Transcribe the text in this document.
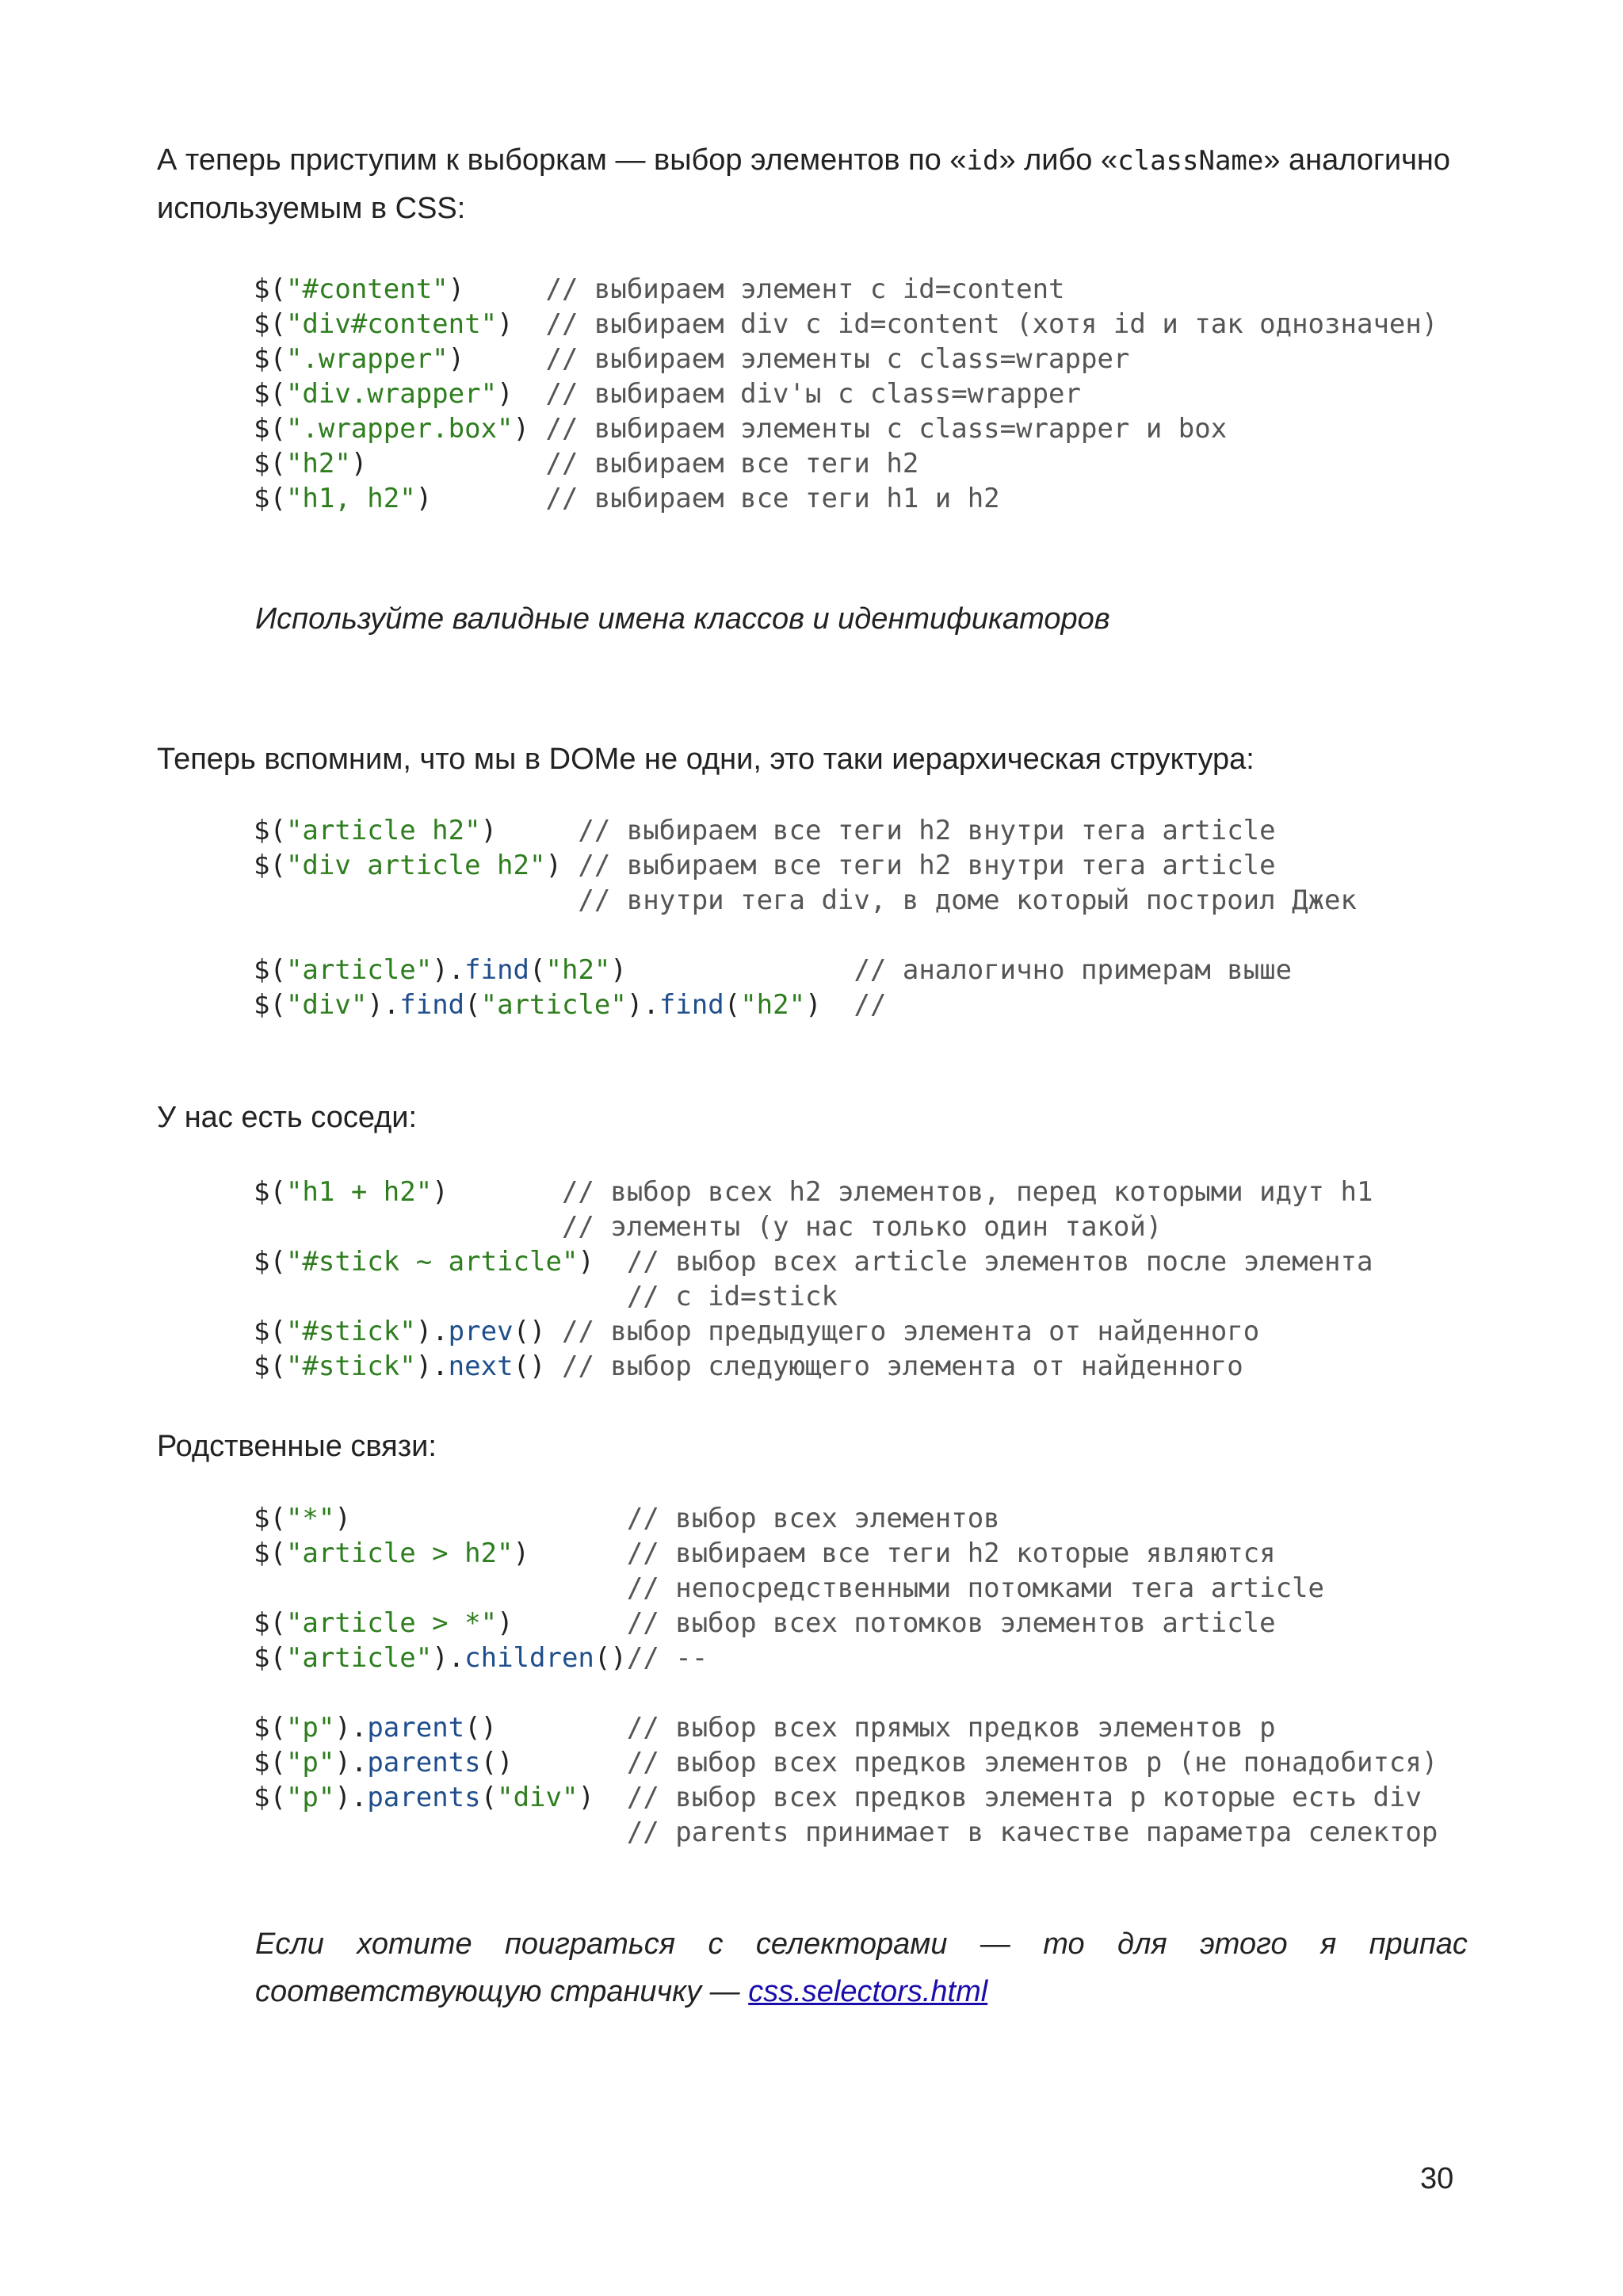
А теперь приступим к выборкам — выбор элементов по «id» либо «className» аналогично
используемым в CSS:
$("#content")     // выбираем элемент с id=content
$("div#content")  // выбираем div с id=content (хотя id и так однозначен)
$(".wrapper")     // выбираем элементы с class=wrapper
$("div.wrapper")  // выбираем div'ы с class=wrapper
$(".wrapper.box") // выбираем элементы с class=wrapper и box
$("h2")           // выбираем все теги h2
$("h1, h2")       // выбираем все теги h1 и h2
Используйте валидные имена классов и идентификаторов
Теперь вспомним, что мы в DOMе не одни, это таки иерархическая структура:
$("article h2")     // выбираем все теги h2 внутри тега article
$("div article h2") // выбираем все теги h2 внутри тега article
// внутри тега div, в доме который построил Джек
$("article").find("h2")              // аналогично примерам выше
$("div").find("article").find("h2")  //
У нас есть соседи:
$("h1 + h2")       // выбор всех h2 элементов, перед которыми идут h1
// элементы (у нас только один такой)
$("#stick ~ article")  // выбор всех article элементов после элемента
// с id=stick
$("#stick").prev() // выбор предыдущего элемента от найденного
$("#stick").next() // выбор следующего элемента от найденного
Родственные связи:
$("*")                 // выбор всех элементов
$("article > h2")      // выбираем все теги h2 которые являются
// непосредственными потомками тега article
$("article > *")       // выбор всех потомков элементов article
$("article").children()// --
$("p").parent()        // выбор всех прямых предков элементов p
$("p").parents()       // выбор всех предков элементов p (не понадобится)
$("p").parents("div")  // выбор всех предков элемента p которые есть div
// parents принимает в качестве параметра селектор
Если хотите поиграться с селекторами — то для этого я припас
соответствующую страничку — css.selectors.html
30
